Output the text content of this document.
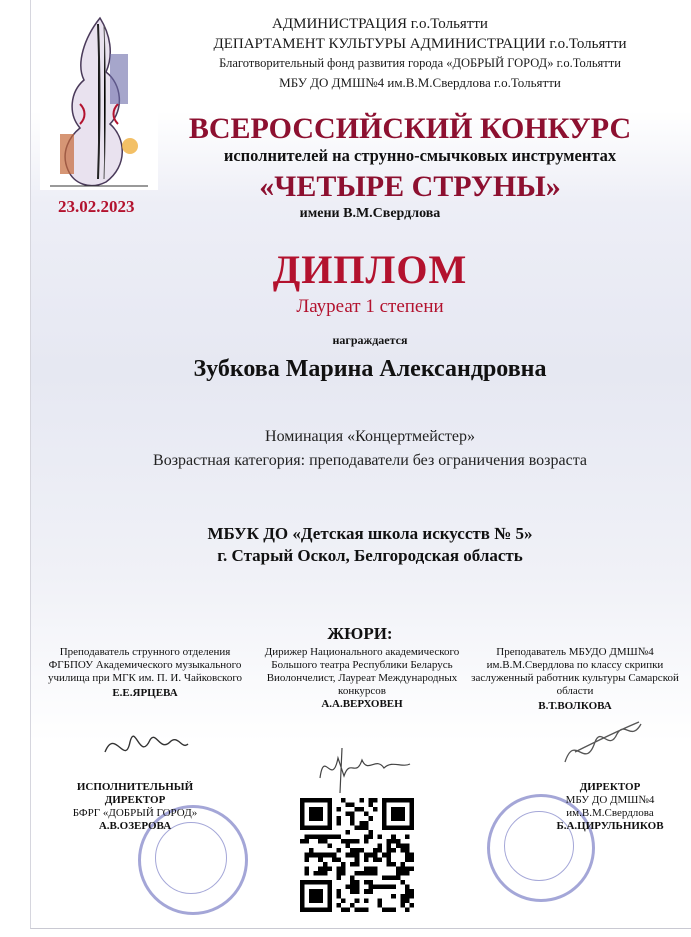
АДМИНИСТРАЦИЯ г.о.Тольятти
ДЕПАРТАМЕНТ КУЛЬТУРЫ АДМИНИСТРАЦИИ г.о.Тольятти
Благотворительный фонд развития города «ДОБРЫЙ ГОРОД» г.о.Тольятти
МБУ ДО ДМШ№4 им.В.М.Свердлова г.о.Тольятти
ВСЕРОССИЙСКИЙ КОНКУРС
исполнителей на струнно-смычковых инструментах
«ЧЕТЫРЕ СТРУНЫ»
имени В.М.Свердлова
23.02.2023
ДИПЛОМ
Лауреат 1 степени
награждается
Зубкова Марина Александровна
Номинация «Концертмейстер»
Возрастная категория: преподаватели без ограничения возраста
МБУК ДО «Детская школа искусств № 5»
г. Старый Оскол, Белгородская область
ЖЮРИ:
Преподаватель струнного отделения ФГБПОУ Академического музыкального училища при МГК им. П. И. Чайковского
Е.Е.ЯРЦЕВА
Дирижер Национального академического Большого театра Республики Беларусь Виолончелист, Лауреат Международных конкурсов
А.А.ВЕРХОВЕН
Преподаватель МБУДО ДМШ№4 им.В.М.Свердлова по классу скрипки заслуженный работник культуры Самарской области
В.Т.ВОЛКОВА
ИСПОЛНИТЕЛЬНЫЙ ДИРЕКТОР
БФРГ «ДОБРЫЙ ГОРОД»
А.В.ОЗЕРОВА
ДИРЕКТОР
МБУ ДО ДМШ№4 им.В.М.Свердлова
Б.А.ЦИРУЛЬНИКОВ
